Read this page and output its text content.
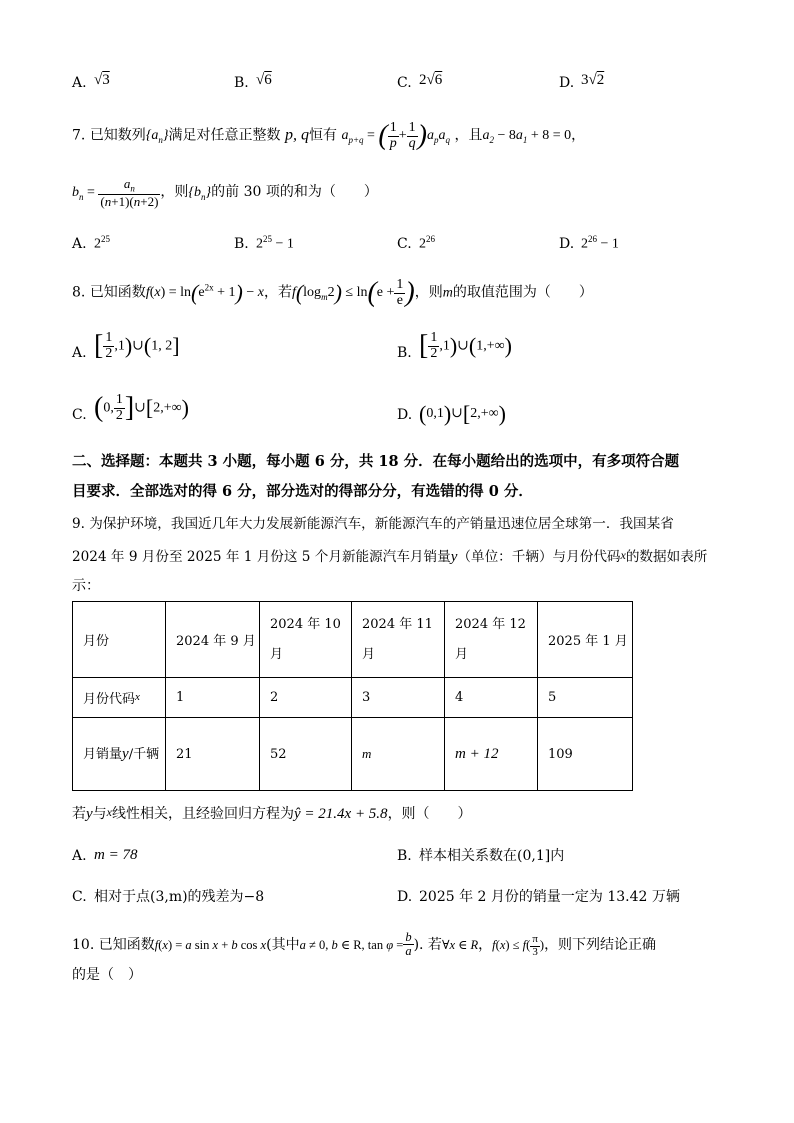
A. √3	B. √6	C. 2√6	D. 3√2
7. 已知数列$\{a_n\}$满足对任意正整数 p, q恒有 $a_{p+q}$ = ( $\frac{1}{p} + \frac{1}{q} )a_pa_q$ ，且$a_2 - 8a_1 + 8 = 0$，
$b_n = \frac{a_n}{(n+1)(n+2)}$ ，则$\{b_n\}$的前 30 项的和为（　　）
A. $2^{25}$	B. $2^{25} - 1$	C. $2^{26}$	D. $2^{26} - 1$
8. 已知函数$f(x) = \ln(e^{2x} + 1) - x$，若$f(\log_m2) \le \ln(e + \frac{1}{e}$ )，则m的取值范围为（　　）
A. [ $\frac{1}{2}$ ,1)∪(1, 2]	B. [ $\frac{1}{2}$ ,1)∪(1,+∞)
C. (0, $\frac{1}{2}$ ]∪[2,+∞)	D. (0,1)∪[2,+∞)
二、选择题：本题共 3 小题，每小题 6 分，共 18 分．在每小题给出的选项中，有多项符合题
目要求．全部选对的得 6 分，部分选对的得部分分，有选错的得 0 分．
9. 为保护环境，我国近几年大力发展新能源汽车，新能源汽车的产销量迅速位居全球第一．我国某省
2024 年 9 月份至 2025 年 1 月份这 5 个月新能源汽车月销量y（单位：千辆）与月份代码x的数据如表所
示：
月份	2024 年 9 月	2024 年 10 月	2024 年 11 月	2024 年 12 月	2025 年 1 月
月份代码$^x$	1	2	3	4	5
月销量y/千辆	21	52	m	m + 12	109
若y与x线性相关，且经验回归方程为ŷ = 21.4x + 5.8，则（　　）
A. m = 78	B. 样本相关系数在(0,1]内
C. 相对于点(3,m)的残差为−8	D. 2025 年 2 月份的销量一定为 13.42 万辆
10. 已知函数f(x) = a sin x + b cos x(其中a ≠ 0, b ∈ R, $\tan \varphi = \frac{b}{a}$ ). 若∀x ∈ R，$f(x) \le f( \frac{\pi}{3}$ )，则下列结论正确
的是（　）
